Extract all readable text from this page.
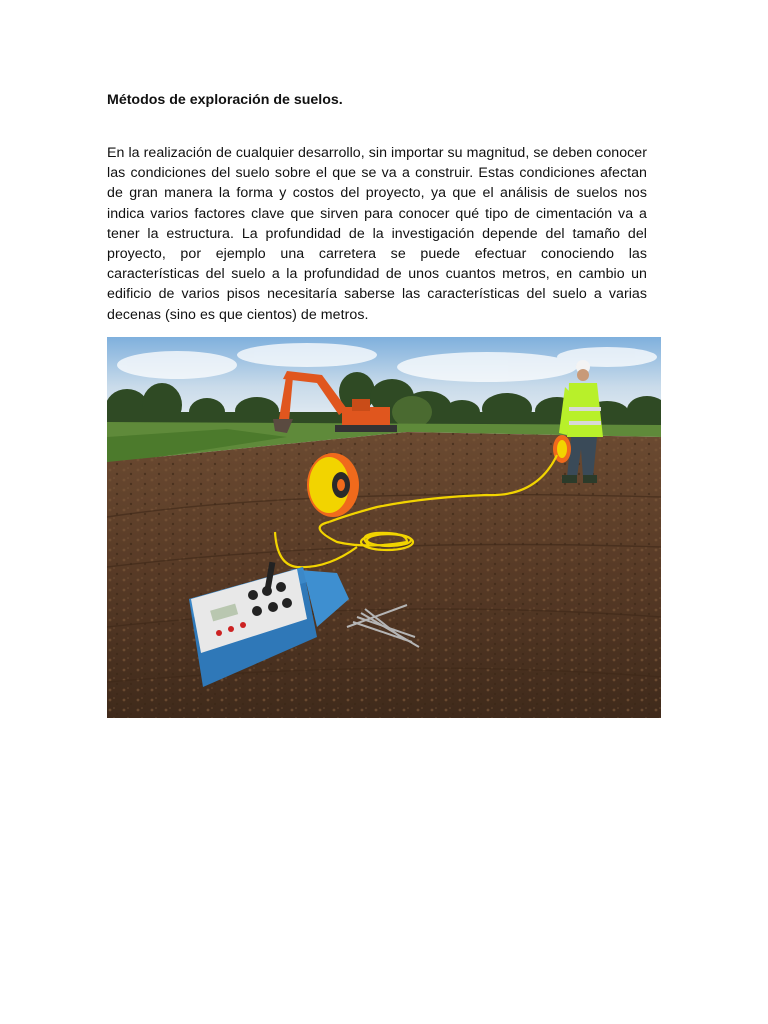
Métodos de exploración de suelos.

En la realización de cualquier desarrollo, sin importar su magnitud, se deben conocer las condiciones del suelo sobre el que se va a construir. Estas condiciones afectan de gran manera la forma y costos del proyecto, ya que el análisis de suelos nos indica varios factores clave que sirven para conocer qué tipo de cimentación va a tener la estructura. La profundidad de la investigación depende del tamaño del proyecto, por ejemplo una carretera se puede efectuar conociendo las características del suelo a la profundidad de unos cuantos metros, en cambio un edificio de varios pisos necesitaría saberse las características del suelo a varias decenas (sino es que cientos) de metros.
